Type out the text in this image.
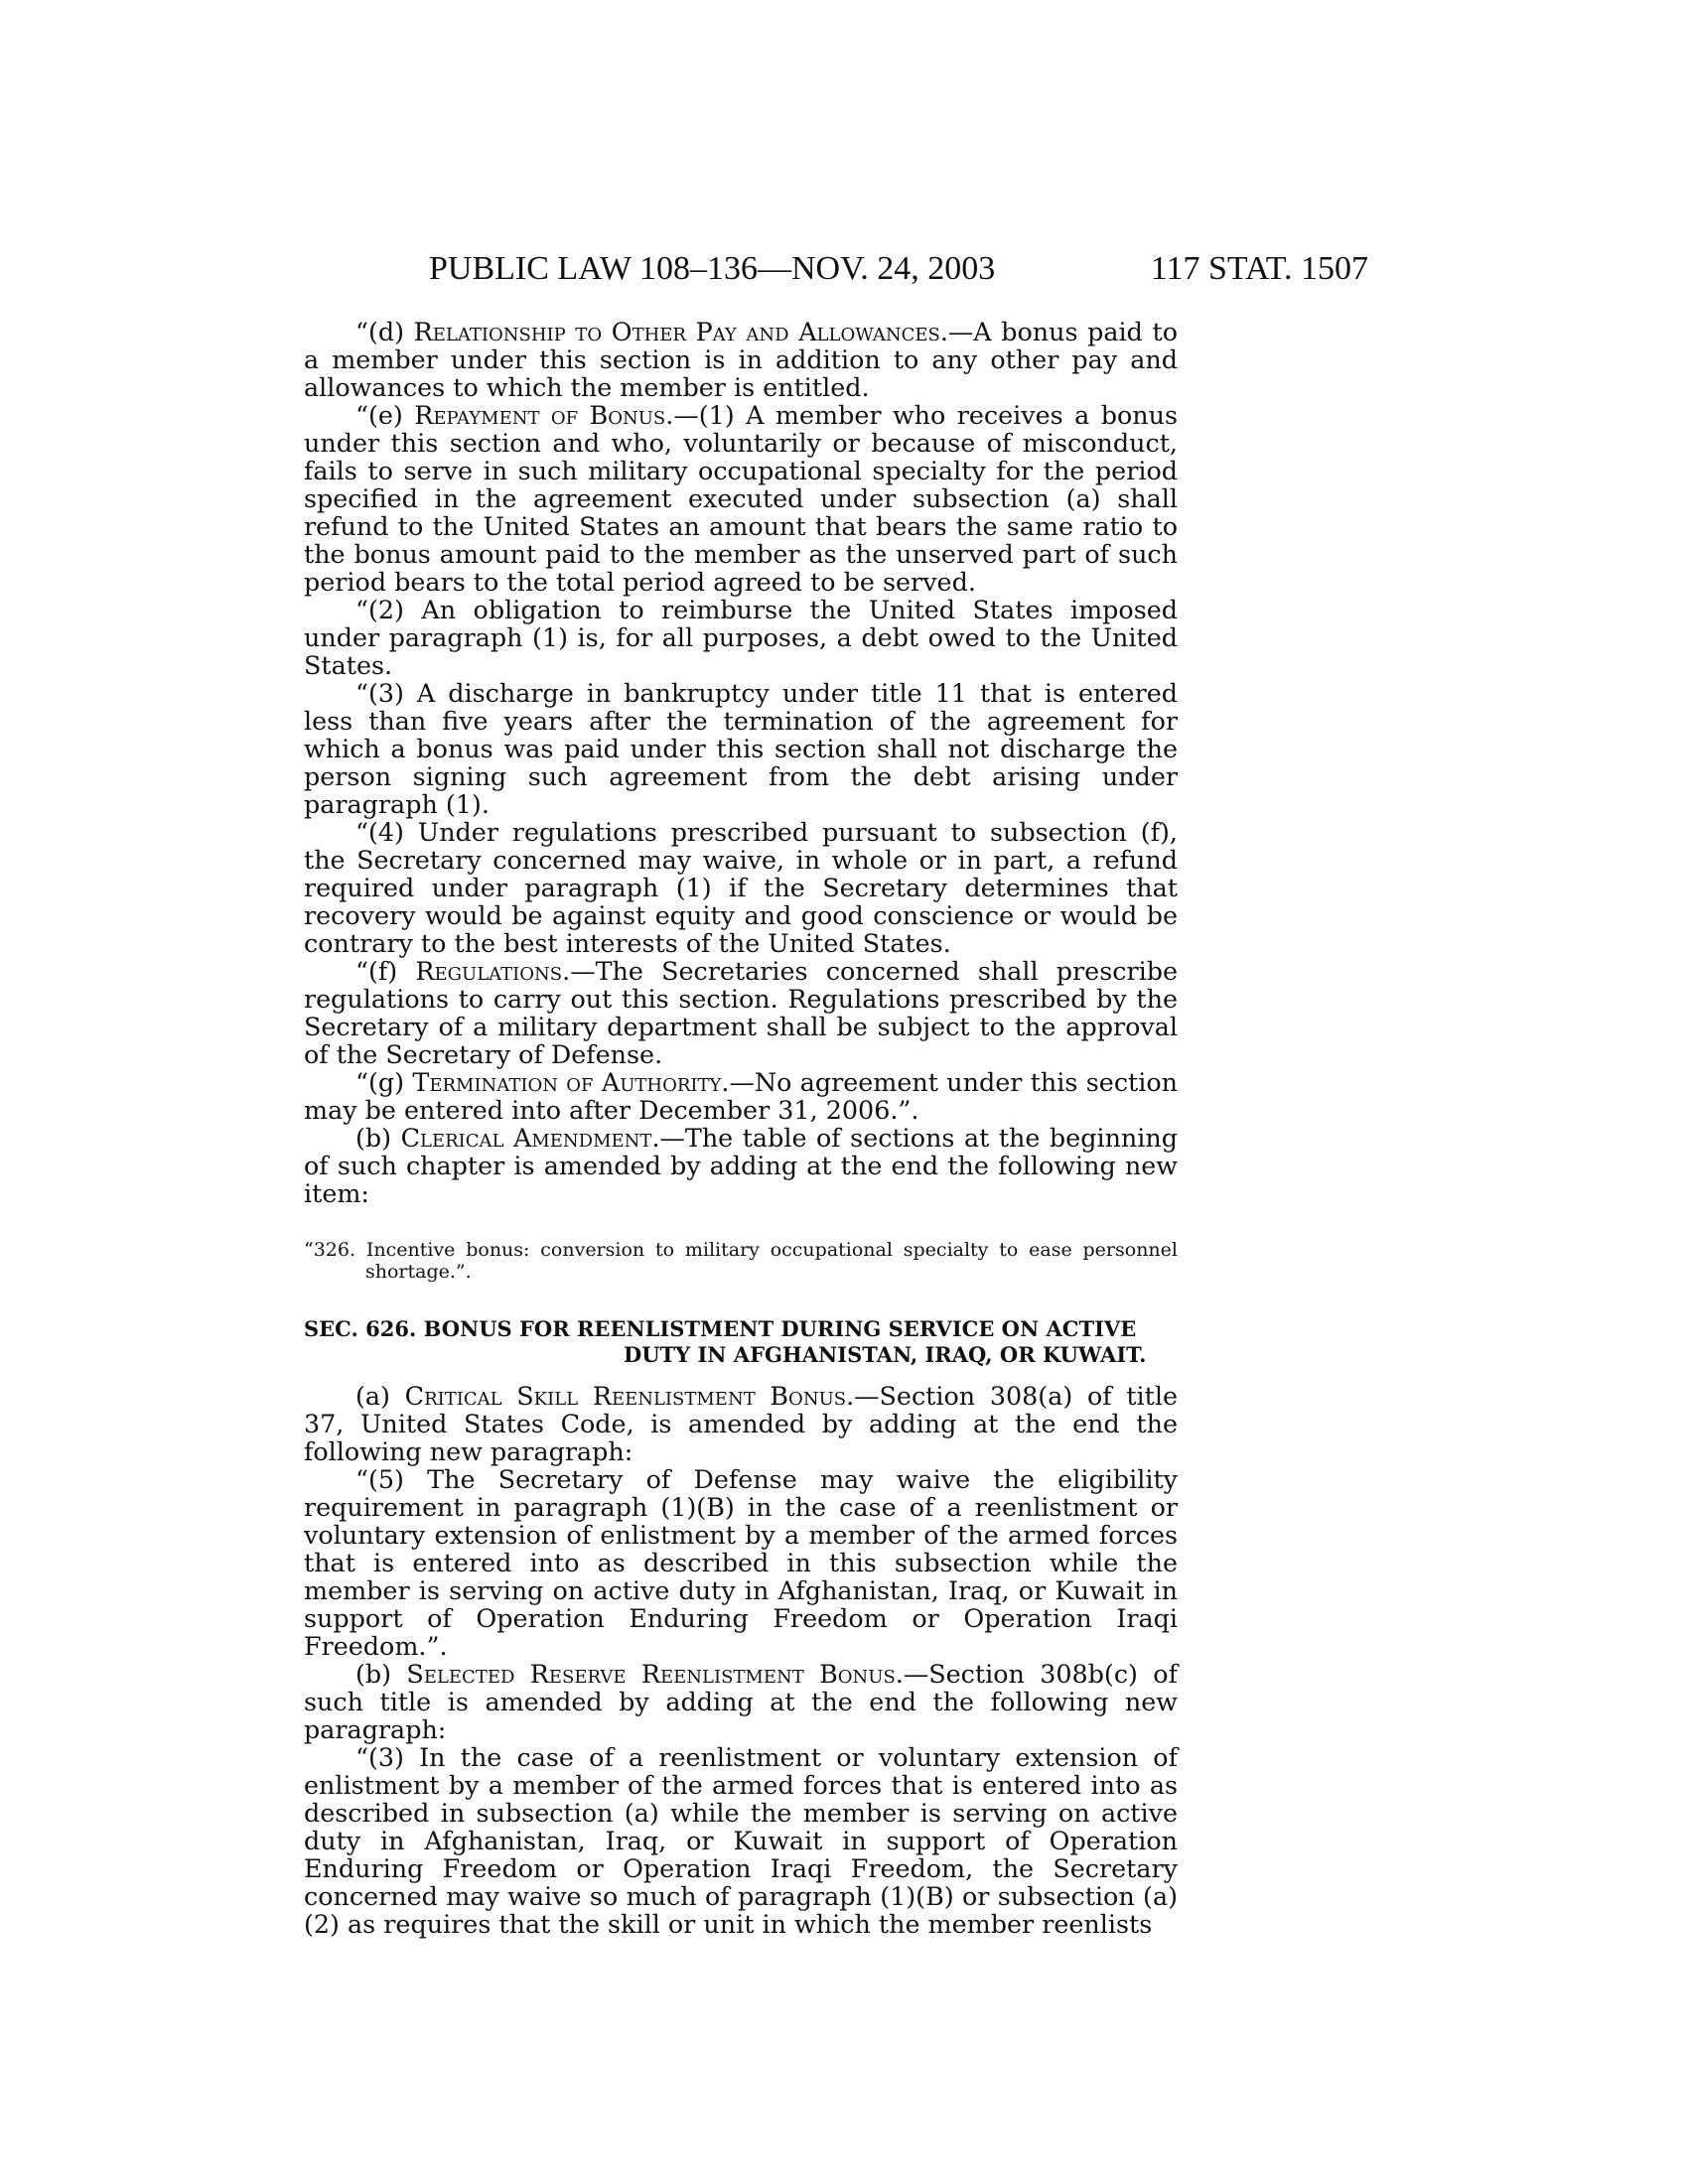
PUBLIC LAW 108–136—NOV. 24, 2003	117 STAT. 1507

“(d) Relationship to Other Pay and Allowances.—A bonus paid to a member under this section is in addition to any other pay and allowances to which the member is entitled.

“(e) Repayment of Bonus.—(1) A member who receives a bonus under this section and who, voluntarily or because of misconduct, fails to serve in such military occupational specialty for the period specified in the agreement executed under subsection (a) shall refund to the United States an amount that bears the same ratio to the bonus amount paid to the member as the unserved part of such period bears to the total period agreed to be served.

“(2) An obligation to reimburse the United States imposed under paragraph (1) is, for all purposes, a debt owed to the United States.

“(3) A discharge in bankruptcy under title 11 that is entered less than five years after the termination of the agreement for which a bonus was paid under this section shall not discharge the person signing such agreement from the debt arising under paragraph (1).

“(4) Under regulations prescribed pursuant to subsection (f), the Secretary concerned may waive, in whole or in part, a refund required under paragraph (1) if the Secretary determines that recovery would be against equity and good conscience or would be contrary to the best interests of the United States.

“(f) Regulations.—The Secretaries concerned shall prescribe regulations to carry out this section. Regulations prescribed by the Secretary of a military department shall be subject to the approval of the Secretary of Defense.

“(g) Termination of Authority.—No agreement under this section may be entered into after December 31, 2006.”.

(b) Clerical Amendment.—The table of sections at the beginning of such chapter is amended by adding at the end the following new item:

“326. Incentive bonus: conversion to military occupational specialty to ease personnel shortage.”.
SEC. 626. BONUS FOR REENLISTMENT DURING SERVICE ON ACTIVE
DUTY IN AFGHANISTAN, IRAQ, OR KUWAIT.

(a) Critical Skill Reenlistment Bonus.—Section 308(a) of title 37, United States Code, is amended by adding at the end the following new paragraph:

“(5) The Secretary of Defense may waive the eligibility requirement in paragraph (1)(B) in the case of a reenlistment or voluntary extension of enlistment by a member of the armed forces that is entered into as described in this subsection while the member is serving on active duty in Afghanistan, Iraq, or Kuwait in support of Operation Enduring Freedom or Operation Iraqi Freedom.”.

(b) Selected Reserve Reenlistment Bonus.—Section 308b(c) of such title is amended by adding at the end the following new paragraph:

“(3) In the case of a reenlistment or voluntary extension of enlistment by a member of the armed forces that is entered into as described in subsection (a) while the member is serving on active duty in Afghanistan, Iraq, or Kuwait in support of Operation Enduring Freedom or Operation Iraqi Freedom, the Secretary concerned may waive so much of paragraph (1)(B) or subsection (a)(2) as requires that the skill or unit in which the member reenlists
